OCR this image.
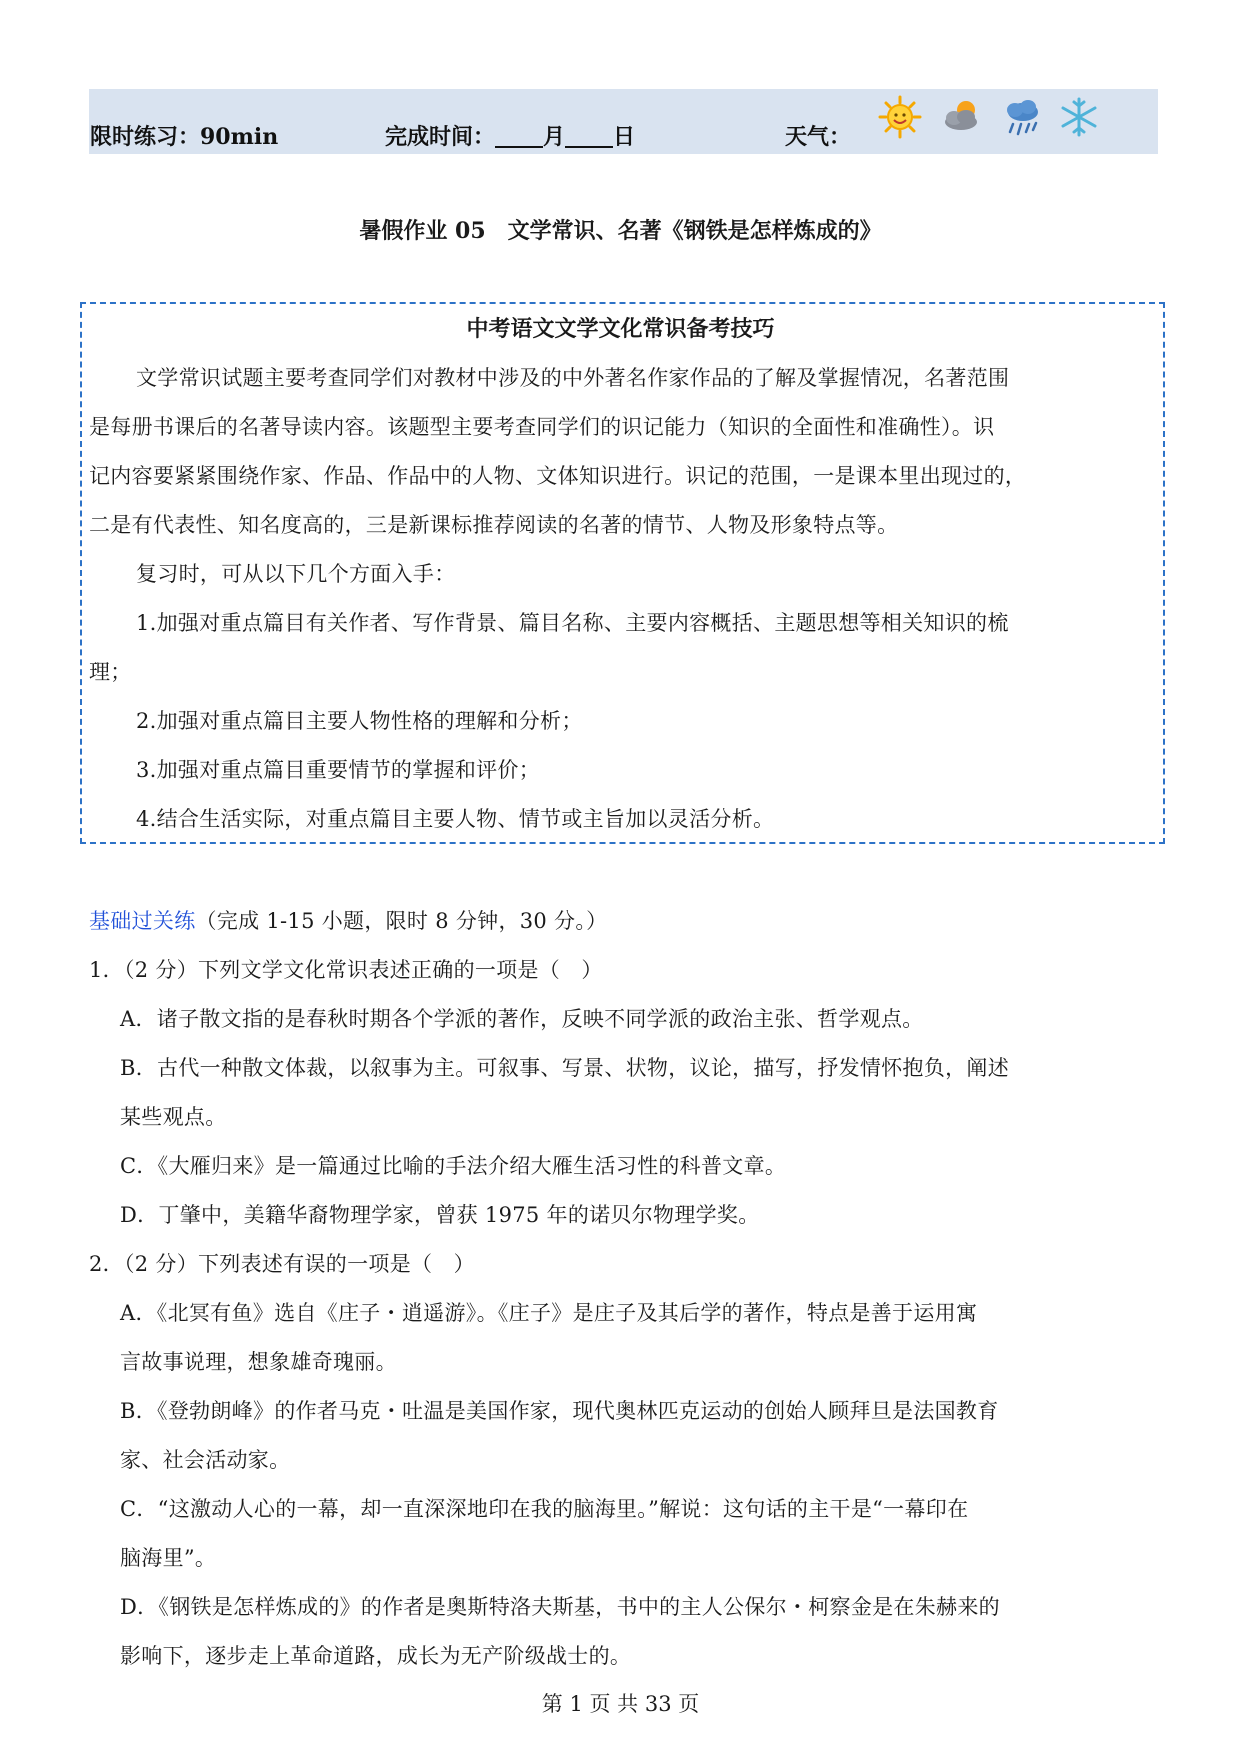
限时练习：90min	完成时间： 月 日	天气：
暑假作业 05　文学常识、名著《钢铁是怎样炼成的》
中考语文文学文化常识备考技巧
文学常识试题主要考查同学们对教材中涉及的中外著名作家作品的了解及掌握情况，名著范围
是每册书课后的名著导读内容。该题型主要考查同学们的识记能力（知识的全面性和准确性）。识
记内容要紧紧围绕作家、作品、作品中的人物、文体知识进行。识记的范围，一是课本里出现过的，
二是有代表性、知名度高的，三是新课标推荐阅读的名著的情节、人物及形象特点等。
复习时，可从以下几个方面入手：
1.加强对重点篇目有关作者、写作背景、篇目名称、主要内容概括、主题思想等相关知识的梳
理；
2.加强对重点篇目主要人物性格的理解和分析；
3.加强对重点篇目重要情节的掌握和评价；
4.结合生活实际，对重点篇目主要人物、情节或主旨加以灵活分析。
基础过关练（完成 1-15 小题，限时 8 分钟，30 分。）
1．（2 分）下列文学文化常识表述正确的一项是（　）
A．诸子散文指的是春秋时期各个学派的著作，反映不同学派的政治主张、哲学观点。
B．古代一种散文体裁，以叙事为主。可叙事、写景、状物，议论，描写，抒发情怀抱负，阐述
某些观点。
C．《大雁归来》是一篇通过比喻的手法介绍大雁生活习性的科普文章。
D．丁肇中，美籍华裔物理学家，曾获 1975 年的诺贝尔物理学奖。
2．（2 分）下列表述有误的一项是（　）
A．《北冥有鱼》选自《庄子・逍遥游》。《庄子》是庄子及其后学的著作，特点是善于运用寓
言故事说理，想象雄奇瑰丽。
B．《登勃朗峰》的作者马克・吐温是美国作家，现代奥林匹克运动的创始人顾拜旦是法国教育
家、社会活动家。
C．“这激动人心的一幕，却一直深深地印在我的脑海里。”解说：这句话的主干是“一幕印在
脑海里”。
D．《钢铁是怎样炼成的》的作者是奥斯特洛夫斯基，书中的主人公保尔・柯察金是在朱赫来的
影响下，逐步走上革命道路，成长为无产阶级战士的。
第 1 页 共 33 页
